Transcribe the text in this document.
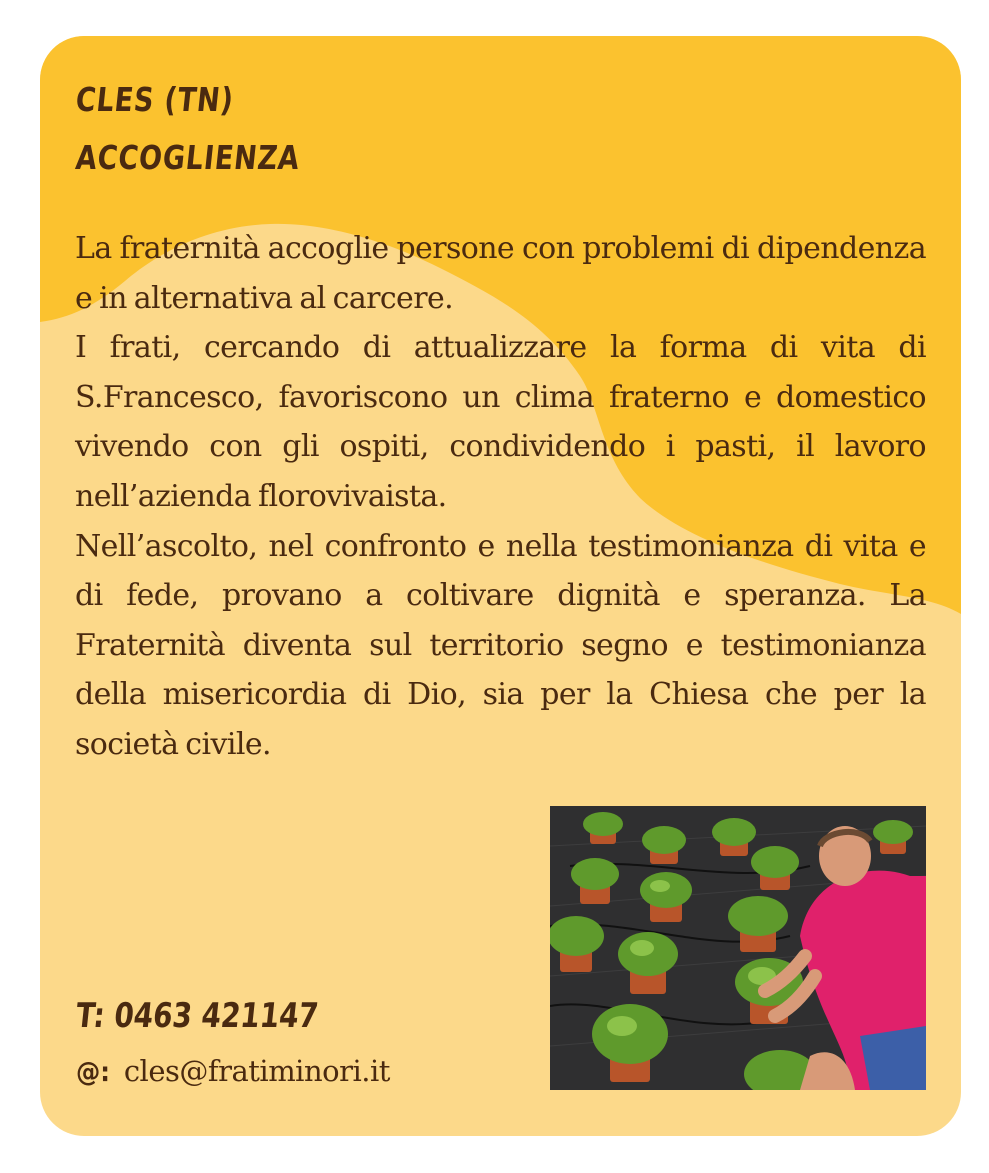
CLES (TN)
ACCOGLIENZA

La fraternità accoglie persone con problemi di dipendenza e in alternativa al carcere.

I frati, cercando di attualizzare la forma di vita di S.Francesco, favoriscono un clima fraterno e domestico vivendo con gli ospiti, condividendo i pasti, il lavoro nell’azienda florovivaista.

Nell’ascolto, nel confronto e nella testimonianza di vita e di fede, provano a coltivare dignità e speranza. La Fraternità diventa sul territorio segno e testimonianza della misericordia di Dio, sia per la Chiesa che per la società civile.

T: 0463 421147
@: cles@fratiminori.it
